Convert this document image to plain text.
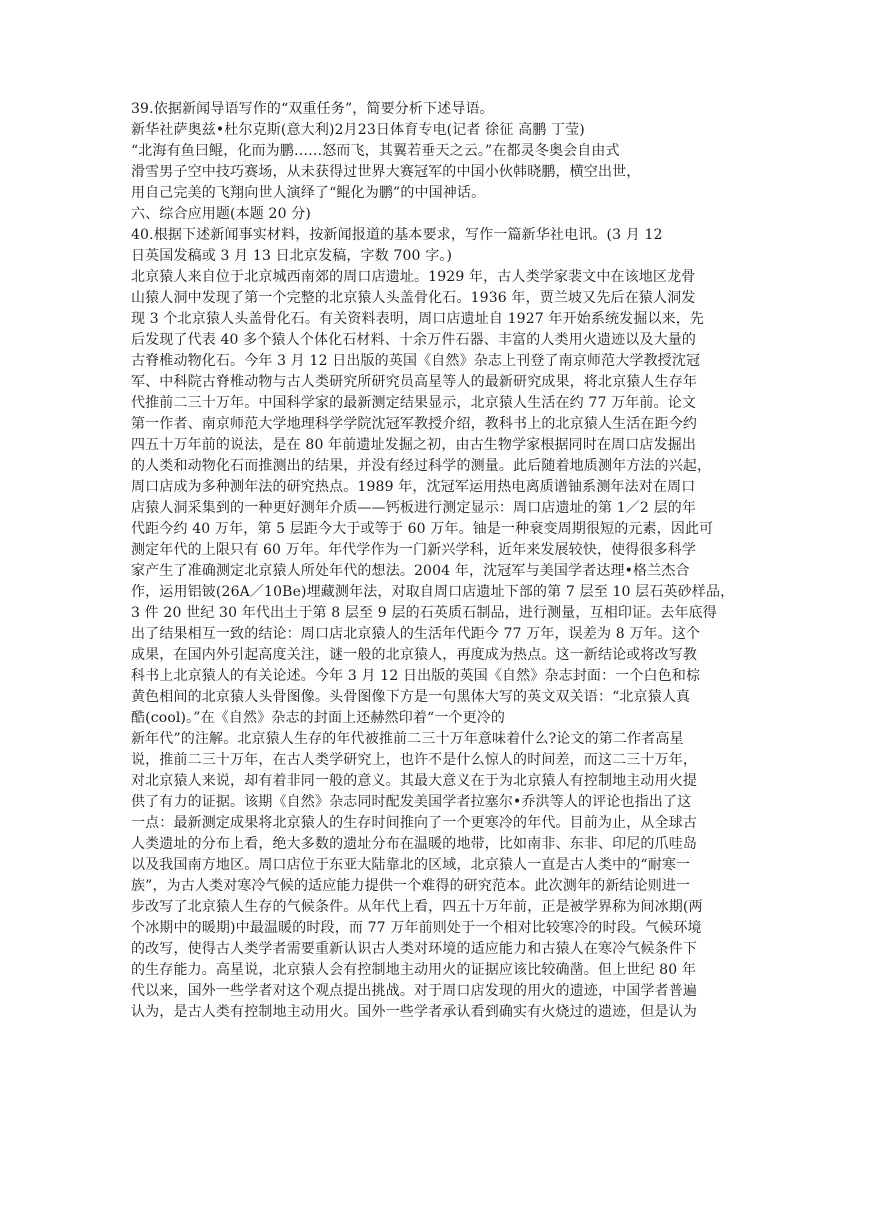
39.依据新闻导语写作的“双重任务”，简要分析下述导语。
新华社萨奥兹•杜尔克斯(意大利)2月23日体育专电(记者 徐征 高鹏 丁莹)
“北海有鱼曰鲲，化而为鹏……怒而飞，其翼若垂天之云。”在都灵冬奥会自由式
滑雪男子空中技巧赛场，从未获得过世界大赛冠军的中国小伙韩晓鹏，横空出世，
用自己完美的飞翔向世人演绎了“鲲化为鹏”的中国神话。
六、综合应用题(本题 20 分)
40.根据下述新闻事实材料，按新闻报道的基本要求，写作一篇新华社电讯。(3 月 12
日英国发稿或 3 月 13 日北京发稿，字数 700 字。)
北京猿人来自位于北京城西南郊的周口店遗址。1929 年，古人类学家裴文中在该地区龙骨
山猿人洞中发现了第一个完整的北京猿人头盖骨化石。1936 年，贾兰坡又先后在猿人洞发
现 3 个北京猿人头盖骨化石。有关资料表明，周口店遗址自 1927 年开始系统发掘以来，先
后发现了代表 40 多个猿人个体化石材料、十余万件石器、丰富的人类用火遗迹以及大量的
古脊椎动物化石。今年 3 月 12 日出版的英国《自然》杂志上刊登了南京师范大学教授沈冠
军、中科院古脊椎动物与古人类研究所研究员高星等人的最新研究成果，将北京猿人生存年
代推前二三十万年。中国科学家的最新测定结果显示，北京猿人生活在约 77 万年前。论文
第一作者、南京师范大学地理科学学院沈冠军教授介绍，教科书上的北京猿人生活在距今约
四五十万年前的说法，是在 80 年前遗址发掘之初，由古生物学家根据同时在周口店发掘出
的人类和动物化石而推测出的结果，并没有经过科学的测量。此后随着地质测年方法的兴起，
周口店成为多种测年法的研究热点。1989 年，沈冠军运用热电离质谱铀系测年法对在周口
店猿人洞采集到的一种更好测年介质——钙板进行测定显示：周口店遗址的第 1／2 层的年
代距今约 40 万年，第 5 层距今大于或等于 60 万年。铀是一种衰变周期很短的元素，因此可
测定年代的上限只有 60 万年。年代学作为一门新兴学科，近年来发展较快，使得很多科学
家产生了准确测定北京猿人所处年代的想法。2004 年，沈冠军与美国学者达理•格兰杰合
作，运用铝铍(26A／10Be)埋藏测年法，对取自周口店遗址下部的第 7 层至 10 层石英砂样品，
3 件 20 世纪 30 年代出土于第 8 层至 9 层的石英质石制品，进行测量，互相印证。去年底得
出了结果相互一致的结论：周口店北京猿人的生活年代距今 77 万年，误差为 8 万年。这个
成果，在国内外引起高度关注，谜一般的北京猿人，再度成为热点。这一新结论或将改写教
科书上北京猿人的有关论述。今年 3 月 12 日出版的英国《自然》杂志封面：一个白色和棕
黄色相间的北京猿人头骨图像。头骨图像下方是一句黑体大写的英文双关语：“北京猿人真
酷(cool)。”在《自然》杂志的封面上还赫然印着“一个更冷的
新年代”的注解。北京猿人生存的年代被推前二三十万年意味着什么?论文的第二作者高星
说，推前二三十万年，在古人类学研究上，也许不是什么惊人的时间差，而这二三十万年，
对北京猿人来说，却有着非同一般的意义。其最大意义在于为北京猿人有控制地主动用火提
供了有力的证据。该期《自然》杂志同时配发美国学者拉塞尔•乔洪等人的评论也指出了这
一点：最新测定成果将北京猿人的生存时间推向了一个更寒冷的年代。目前为止，从全球古
人类遗址的分布上看，绝大多数的遗址分布在温暖的地带，比如南非、东非、印尼的爪哇岛
以及我国南方地区。周口店位于东亚大陆靠北的区域，北京猿人一直是古人类中的“耐寒一
族”，为古人类对寒冷气候的适应能力提供一个难得的研究范本。此次测年的新结论则进一
步改写了北京猿人生存的气候条件。从年代上看，四五十万年前，正是被学界称为间冰期(两
个冰期中的暖期)中最温暖的时段，而 77 万年前则处于一个相对比较寒冷的时段。气候环境
的改写，使得古人类学者需要重新认识古人类对环境的适应能力和古猿人在寒冷气候条件下
的生存能力。高星说，北京猿人会有控制地主动用火的证据应该比较确凿。但上世纪 80 年
代以来，国外一些学者对这个观点提出挑战。对于周口店发现的用火的遗迹，中国学者普遍
认为，是古人类有控制地主动用火。国外一些学者承认看到确实有火烧过的遗迹，但是认为
